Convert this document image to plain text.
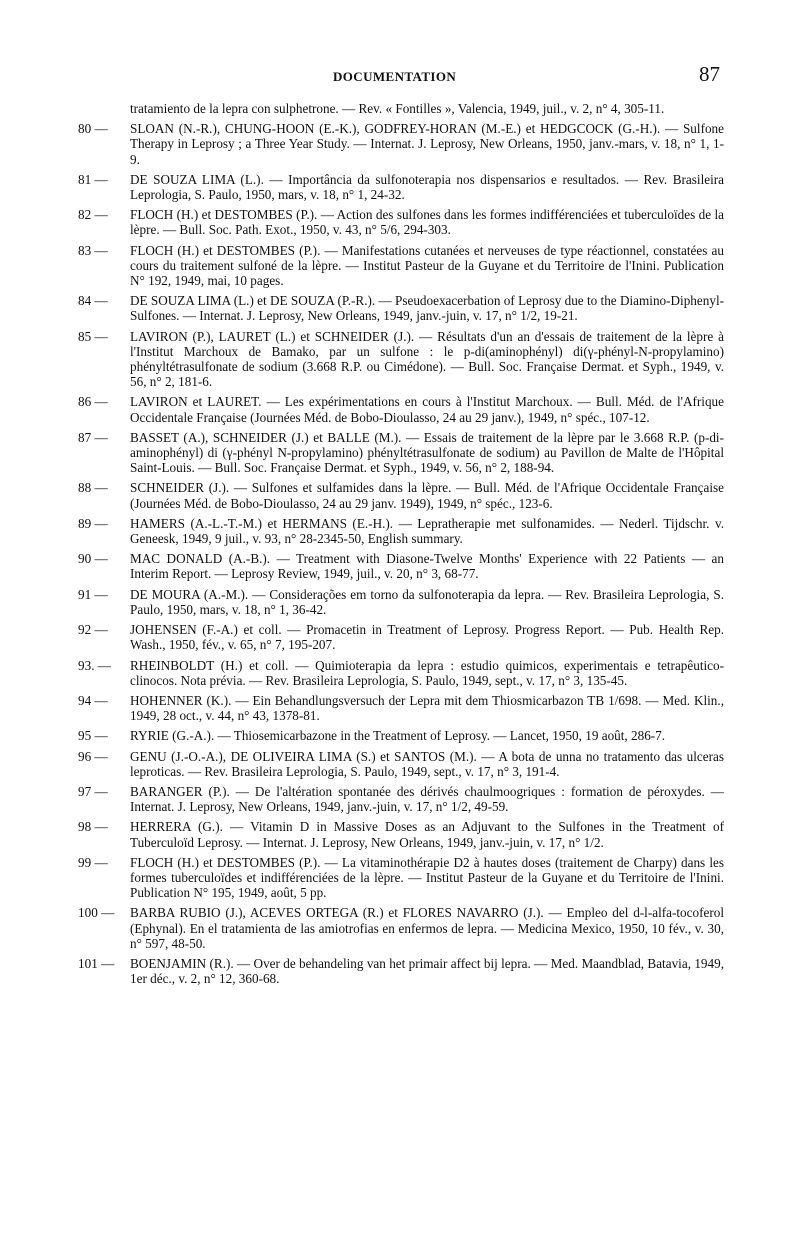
DOCUMENTATION	87
tratamiento de la lepra con sulphetrone. — Rev. « Fontilles », Valencia, 1949, juil., v. 2, n° 4, 305-11.
80 —	SLOAN (N.-R.), CHUNG-HOON (E.-K.), GODFREY-HORAN (M.-E.) et HEDGCOCK (G.-H.). — Sulfone Therapy in Leprosy ; a Three Year Study. — Internat. J. Leprosy, New Orleans, 1950, janv.-mars, v. 18, n° 1, 1-9.
81 —	DE SOUZA LIMA (L.). — Importância da sulfonoterapia nos dispensarios e resultados. — Rev. Brasileira Leprologia, S. Paulo, 1950, mars, v. 18, n° 1, 24-32.
82 —	FLOCH (H.) et DESTOMBES (P.). — Action des sulfones dans les formes indifférenciées et tuberculoïdes de la lèpre. — Bull. Soc. Path. Exot., 1950, v. 43, n° 5/6, 294-303.
83 —	FLOCH (H.) et DESTOMBES (P.). — Manifestations cutanées et nerveuses de type réactionnel, constatées au cours du traitement sulfoné de la lèpre. — Institut Pasteur de la Guyane et du Territoire de l'Inini. Publication N° 192, 1949, mai, 10 pages.
84 —	DE SOUZA LIMA (L.) et DE SOUZA (P.-R.). — Pseudoexacerbation of Leprosy due to the Diamino-Diphenyl-Sulfones. — Internat. J. Leprosy, New Orleans, 1949, janv.-juin, v. 17, n° 1/2, 19-21.
85 —	LAVIRON (P.), LAURET (L.) et SCHNEIDER (J.). — Résultats d'un an d'essais de traitement de la lèpre à l'Institut Marchoux de Bamako, par un sulfone : le p-di(aminophényl) di(γ-phényl-N-propylamino) phényltétrasulfonate de sodium (3.668 R.P. ou Cimédone). — Bull. Soc. Française Dermat. et Syph., 1949, v. 56, n° 2, 181-6.
86 —	LAVIRON et LAURET. — Les expérimentations en cours à l'Institut Marchoux. — Bull. Méd. de l'Afrique Occidentale Française (Journées Méd. de Bobo-Dioulasso, 24 au 29 janv.), 1949, n° spéc., 107-12.
87 —	BASSET (A.), SCHNEIDER (J.) et BALLE (M.). — Essais de traitement de la lèpre par le 3.668 R.P. (p-di-aminophényl) di (γ-phényl N-propylamino) phényltétrasulfonate de sodium) au Pavillon de Malte de l'Hôpital Saint-Louis. — Bull. Soc. Française Dermat. et Syph., 1949, v. 56, n° 2, 188-94.
88 —	SCHNEIDER (J.). — Sulfones et sulfamides dans la lèpre. — Bull. Méd. de l'Afrique Occidentale Française (Journées Méd. de Bobo-Dioulasso, 24 au 29 janv. 1949), 1949, n° spéc., 123-6.
89 —	HAMERS (A.-L.-T.-M.) et HERMANS (E.-H.). — Lepratherapie met sulfonamides. — Nederl. Tijdschr. v. Geneesk, 1949, 9 juil., v. 93, n° 28-2345-50, English summary.
90 —	MAC DONALD (A.-B.). — Treatment with Diasone-Twelve Months' Experience with 22 Patients — an Interim Report. — Leprosy Review, 1949, juil., v. 20, n° 3, 68-77.
91 —	DE MOURA (A.-M.). — Considerações em torno da sulfonoterapia da lepra. — Rev. Brasileira Leprologia, S. Paulo, 1950, mars, v. 18, n° 1, 36-42.
92 —	JOHENSEN (F.-A.) et coll. — Promacetin in Treatment of Leprosy. Progress Report. — Pub. Health Rep. Wash., 1950, fév., v. 65, n° 7, 195-207.
93. —	RHEINBOLDT (H.) et coll. — Quimioterapia da lepra : estudio quimicos, experimentais e tetrapêutico-clinocos. Nota prévia. — Rev. Brasileira Leprologia, S. Paulo, 1949, sept., v. 17, n° 3, 135-45.
94 —	HOHENNER (K.). — Ein Behandlungsversuch der Lepra mit dem Thiosmicarbazon TB 1/698. — Med. Klin., 1949, 28 oct., v. 44, n° 43, 1378-81.
95 —	RYRIE (G.-A.). — Thiosemicarbazone in the Treatment of Leprosy. — Lancet, 1950, 19 août, 286-7.
96 —	GENU (J.-O.-A.), DE OLIVEIRA LIMA (S.) et SANTOS (M.). — A bota de unna no tratamento das ulceras leproticas. — Rev. Brasileira Leprologia, S. Paulo, 1949, sept., v. 17, n° 3, 191-4.
97 —	BARANGER (P.). — De l'altération spontanée des dérivés chaulmoogriques : formation de péroxydes. — Internat. J. Leprosy, New Orleans, 1949, janv.-juin, v. 17, n° 1/2, 49-59.
98 —	HERRERA (G.). — Vitamin D in Massive Doses as an Adjuvant to the Sulfones in the Treatment of Tuberculoïd Leprosy. — Internat. J. Leprosy, New Orleans, 1949, janv.-juin, v. 17, n° 1/2.
99 —	FLOCH (H.) et DESTOMBES (P.). — La vitaminothérapie D2 à hautes doses (traitement de Charpy) dans les formes tuberculoïdes et indifférenciées de la lèpre. — Institut Pasteur de la Guyane et du Territoire de l'Inini. Publication N° 195, 1949, août, 5 pp.
100 —	BARBA RUBIO (J.), ACEVES ORTEGA (R.) et FLORES NAVARRO (J.). — Empleo del d-l-alfa-tocoferol (Ephynal). En el tratamienta de las amiotrofias en enfermos de lepra. — Medicina Mexico, 1950, 10 fév., v. 30, n° 597, 48-50.
101 —	BOENJAMIN (R.). — Over de behandeling van het primair affect bij lepra. — Med. Maandblad, Batavia, 1949, 1er déc., v. 2, n° 12, 360-68.
